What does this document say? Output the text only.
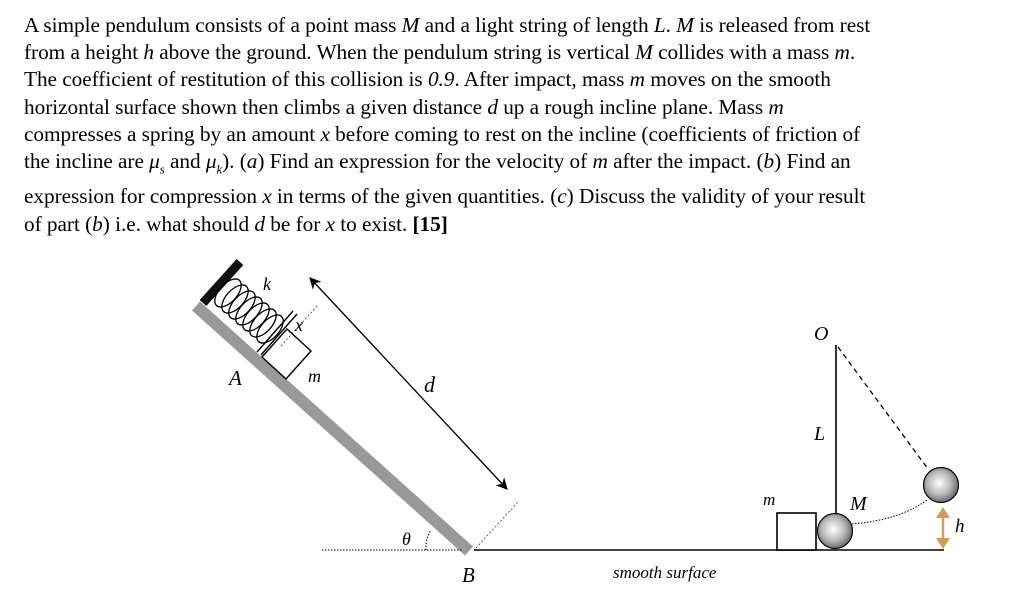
A simple pendulum consists of a point mass M and a light string of length L. M is released from rest
from a height h above the ground. When the pendulum string is vertical M collides with a mass m.
The coefficient of restitution of this collision is 0.9. After impact, mass m moves on the smooth
horizontal surface shown then climbs a given distance d up a rough incline plane. Mass m
compresses a spring by an amount x before coming to rest on the incline (coefficients of friction of
the incline are $\mu_s$ and $\mu_k$). (a) Find an expression for the velocity of m after the impact. (b) Find an
expression for compression x in terms of the given quantities. (c) Discuss the validity of your result
of part (b) i.e. what should d be for x to exist. [15]
k
x
m
A	d
θ
B	smooth surface
O
L
m	M
h
